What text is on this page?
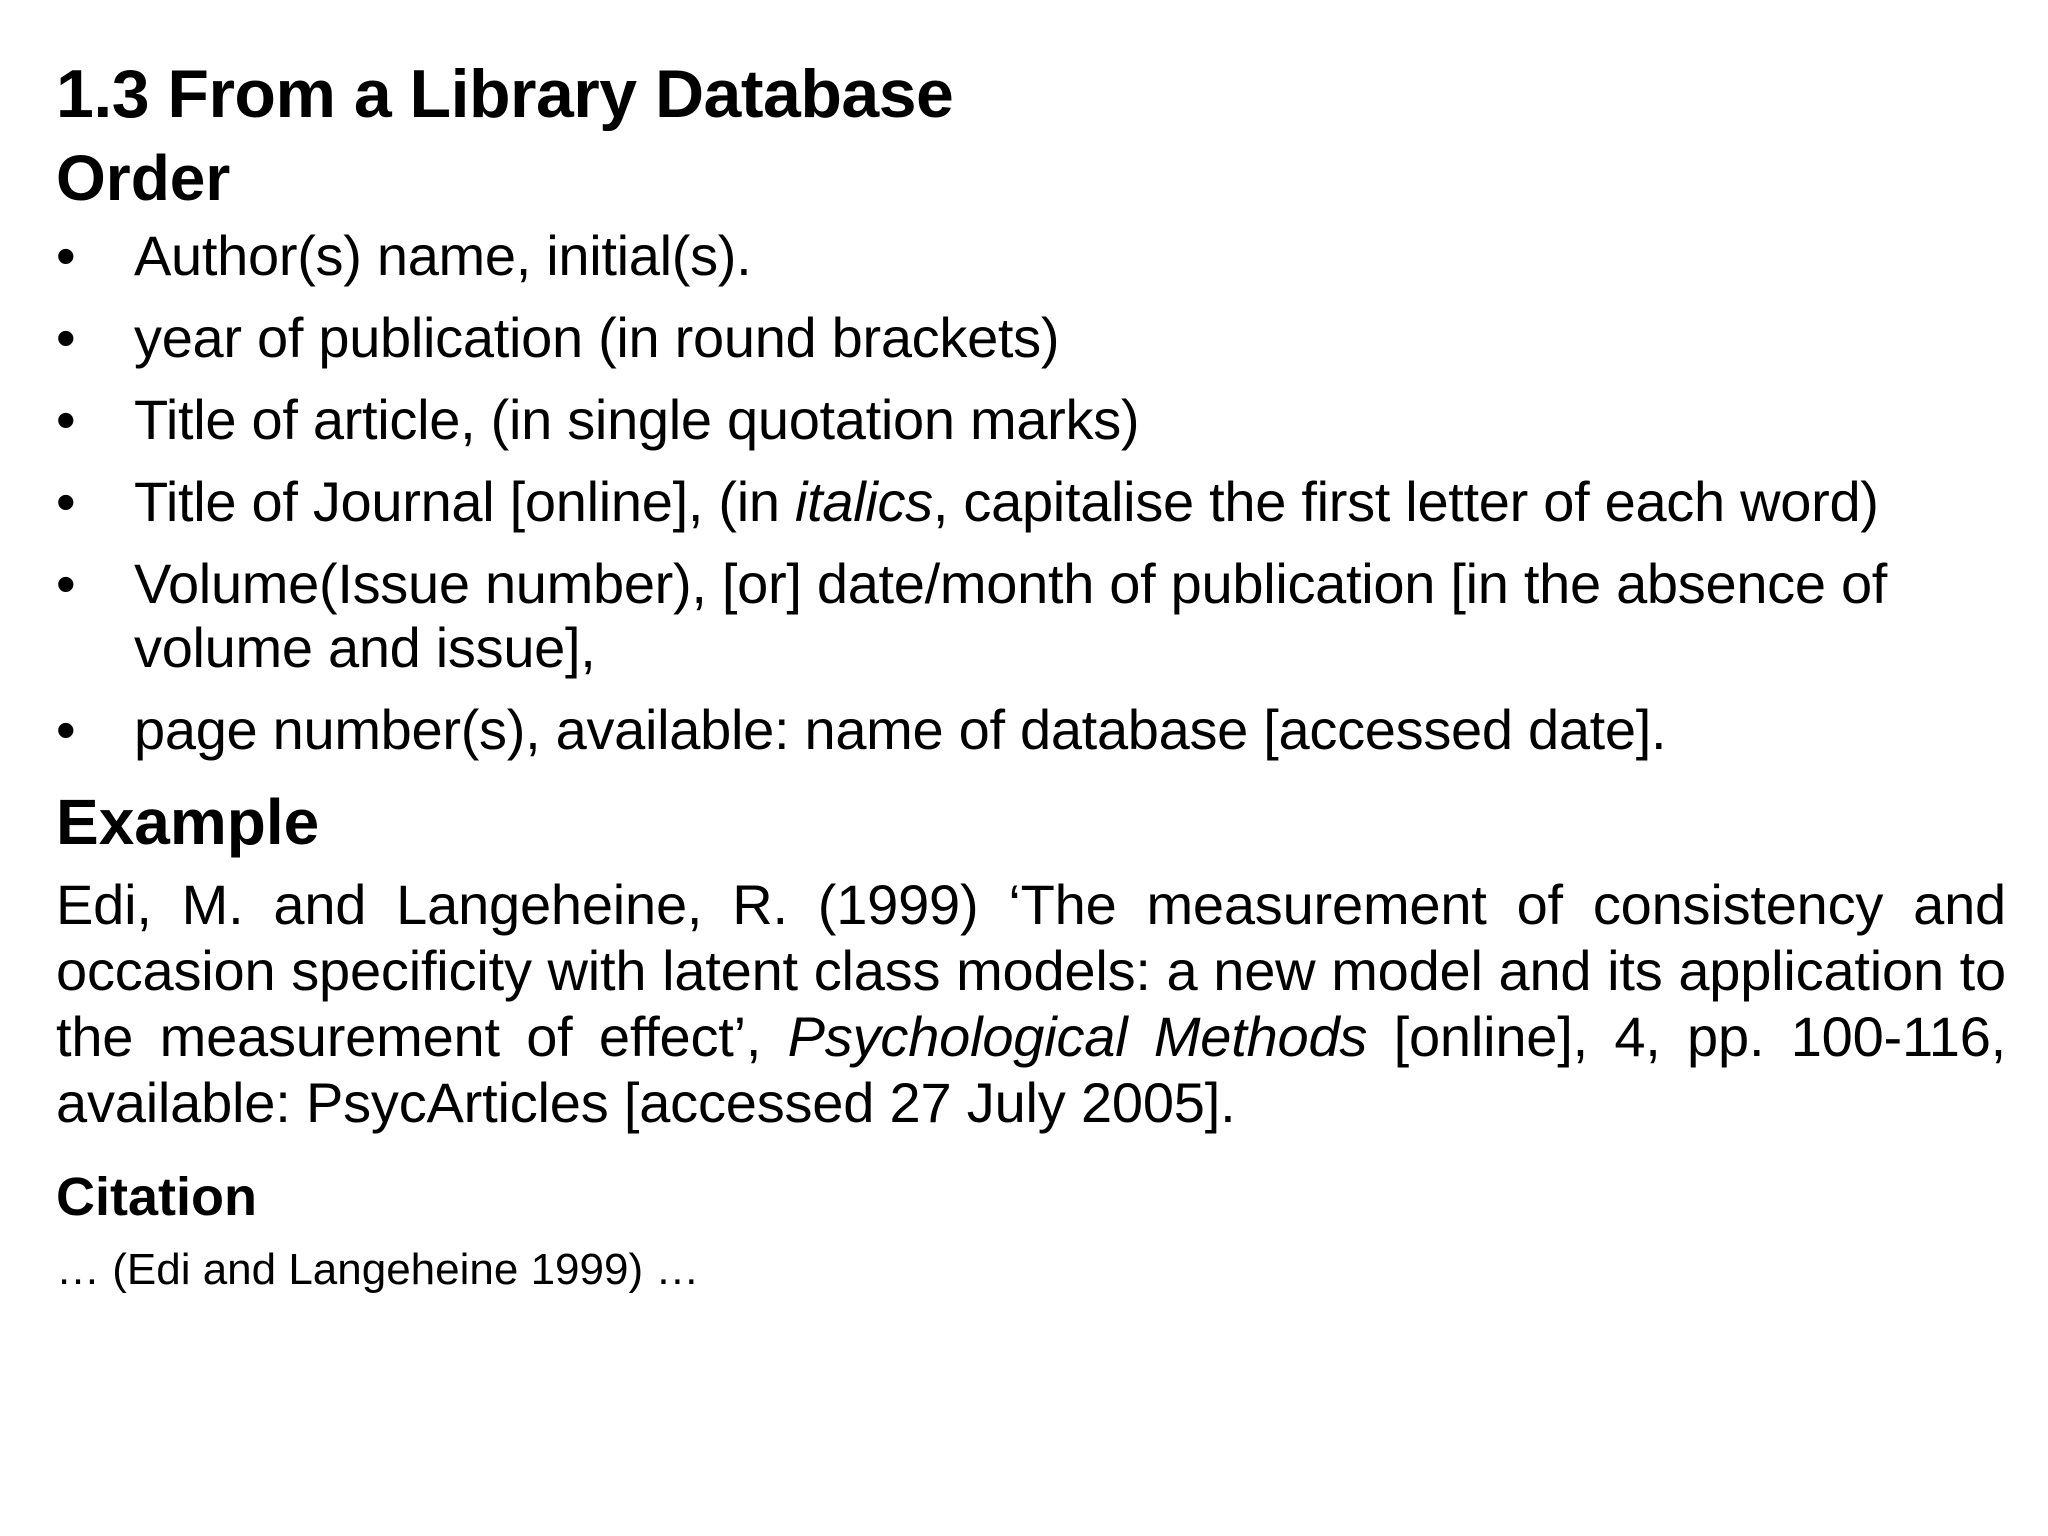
1.3 From a Library Database
Order
• Author(s) name, initial(s).
• year of publication (in round brackets)
• Title of article, (in single quotation marks)
• Title of Journal [online], (in italics, capitalise the first letter of each word)
• Volume(Issue number), [or] date/month of publication [in the absence of volume and issue],
• page number(s), available: name of database [accessed date].
Example

Edi, M. and Langeheine, R. (1999) ‘The measurement of consistency and occasion specificity with latent class models: a new model and its application to the measurement of effect’, Psychological Methods [online], 4, pp. 100-116, available: PsycArticles [accessed 27 July 2005].

Citation

… (Edi and Langeheine 1999) …
